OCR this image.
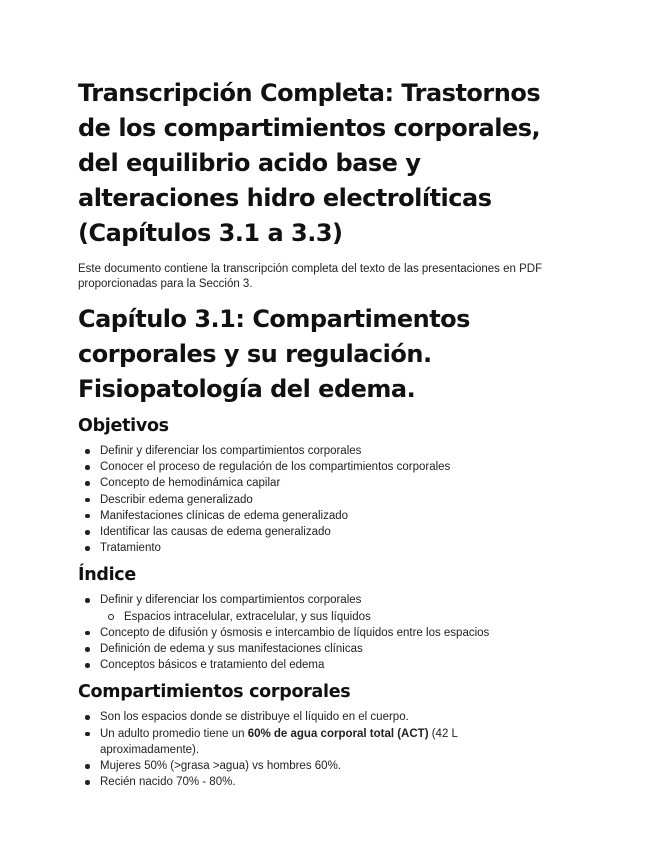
Transcripción Completa: Trastornos de los compartimientos corporales, del equilibrio acido base y alteraciones hidro electrolíticas (Capítulos 3.1 a 3.3)

Este documento contiene la transcripción completa del texto de las presentaciones en PDF proporcionadas para la Sección 3.

Capítulo 3.1: Compartimentos corporales y su regulación. Fisiopatología del edema.
Objetivos
Definir y diferenciar los compartimientos corporales
Conocer el proceso de regulación de los compartimientos corporales
Concepto de hemodinámica capilar
Describir edema generalizado
Manifestaciones clínicas de edema generalizado
Identificar las causas de edema generalizado
Tratamiento
Índice
Definir y diferenciar los compartimientos corporales
Espacios intracelular, extracelular, y sus líquidos
Concepto de difusión y ósmosis e intercambio de líquidos entre los espacios
Definición de edema y sus manifestaciones clínicas
Conceptos básicos e tratamiento del edema
Compartimientos corporales
Son los espacios donde se distribuye el líquido en el cuerpo.
Un adulto promedio tiene un 60% de agua corporal total (ACT) (42 L aproximadamente).
Mujeres 50% (>grasa >agua) vs hombres 60%.
Recién nacido 70% - 80%.
